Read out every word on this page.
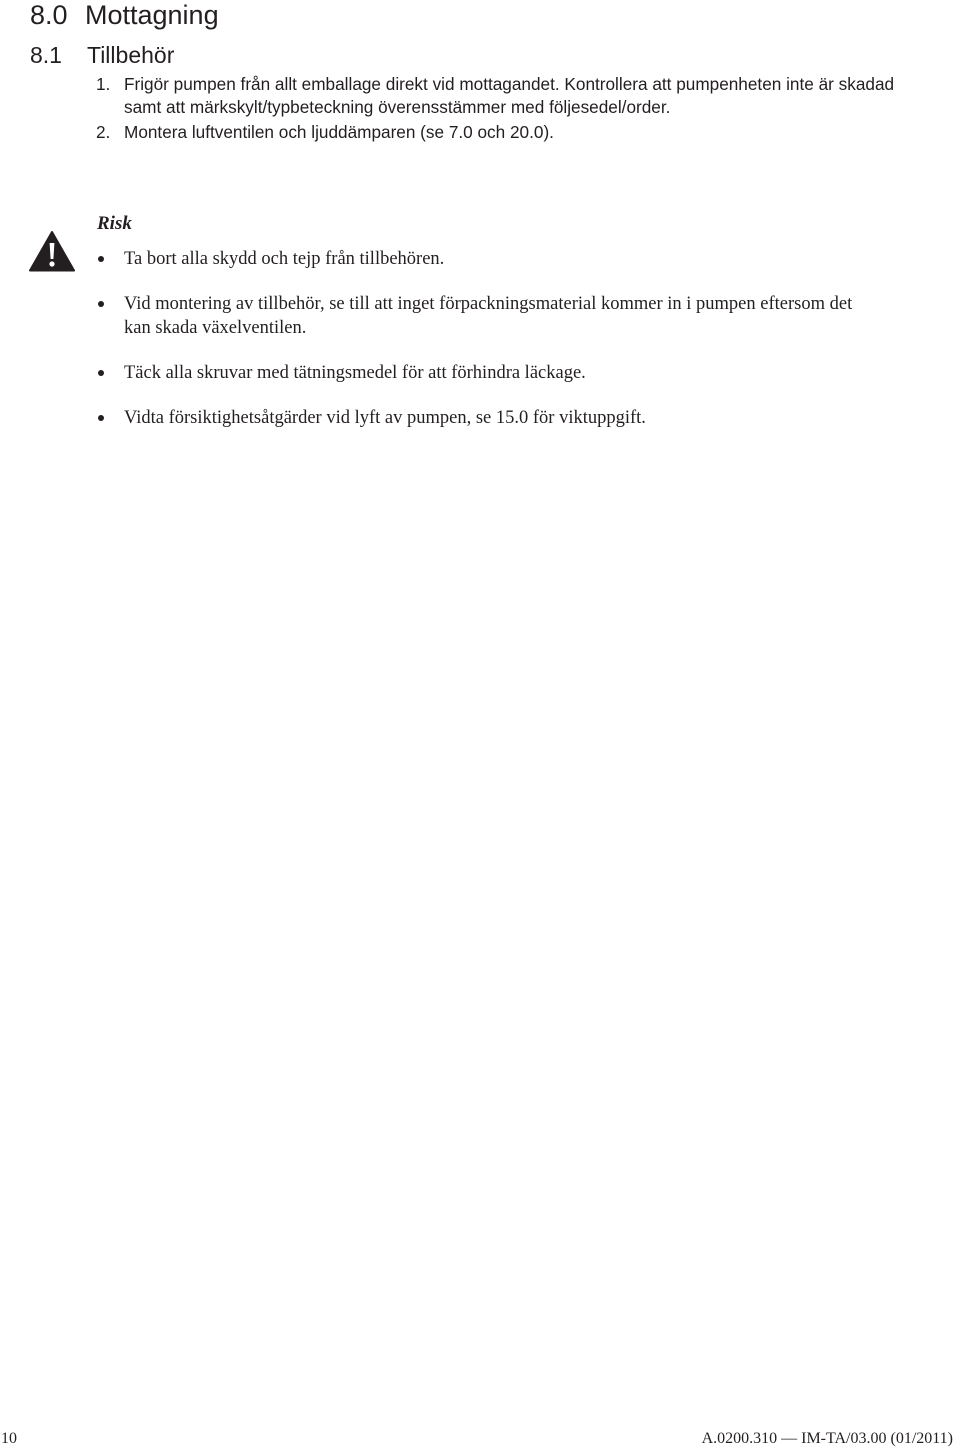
8.0 Mottagning
8.1 Tillbehör
1. Frigör pumpen från allt emballage direkt vid mottagandet. Kontrollera att pumpenheten inte är skadad samt att märkskylt/typbeteckning överensstämmer med följesedel/order.
2. Montera luftventilen och ljuddämparen (se 7.0 och 20.0).
Risk
Ta bort alla skydd och tejp från tillbehören.
Vid montering av tillbehör, se till att inget förpackningsmaterial kommer in i pumpen eftersom det kan skada växelventilen.
Täck alla skruvar med tätningsmedel för att förhindra läckage.
Vidta försiktighetsåtgärder vid lyft av pumpen, se 15.0 för viktuppgift.
10	A.0200.310 — IM-TA/03.00 (01/2011)
